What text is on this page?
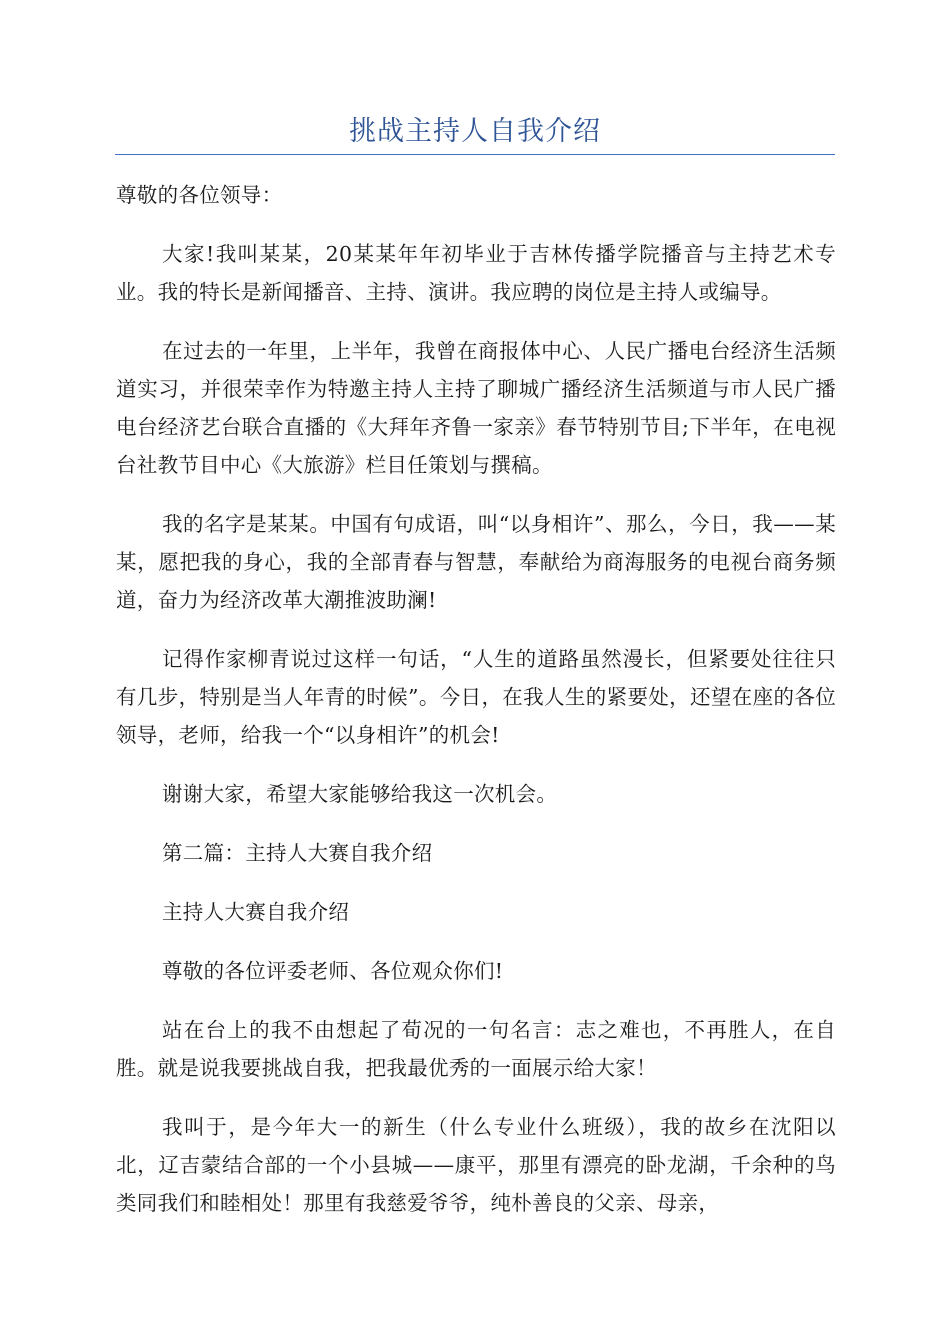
挑战主持人自我介绍

尊敬的各位领导：

大家!我叫某某，20某某年年初毕业于吉林传播学院播音与主持艺术专业。我的特长是新闻播音、主持、演讲。我应聘的岗位是主持人或编导。

在过去的一年里，上半年，我曾在商报体中心、人民广播电台经济生活频道实习，并很荣幸作为特邀主持人主持了聊城广播经济生活频道与市人民广播电台经济艺台联合直播的《大拜年齐鲁一家亲》春节特别节目;下半年，在电视台社教节目中心《大旅游》栏目任策划与撰稿。

我的名字是某某。中国有句成语，叫“以身相许”、那么，今日，我——某某，愿把我的身心，我的全部青春与智慧，奉献给为商海服务的电视台商务频道，奋力为经济改革大潮推波助澜!

记得作家柳青说过这样一句话，“人生的道路虽然漫长，但紧要处往往只有几步，特别是当人年青的时候”。今日，在我人生的紧要处，还望在座的各位领导，老师，给我一个“以身相许”的机会!

谢谢大家，希望大家能够给我这一次机会。

第二篇：主持人大赛自我介绍

主持人大赛自我介绍

尊敬的各位评委老师、各位观众你们!

站在台上的我不由想起了荀况的一句名言：志之难也，不再胜人，在自胜。就是说我要挑战自我，把我最优秀的一面展示给大家！

我叫于，是今年大一的新生（什么专业什么班级），我的故乡在沈阳以北，辽吉蒙结合部的一个小县城——康平，那里有漂亮的卧龙湖，千余种的鸟类同我们和睦相处！那里有我慈爱爷爷，纯朴善良的父亲、母亲，
